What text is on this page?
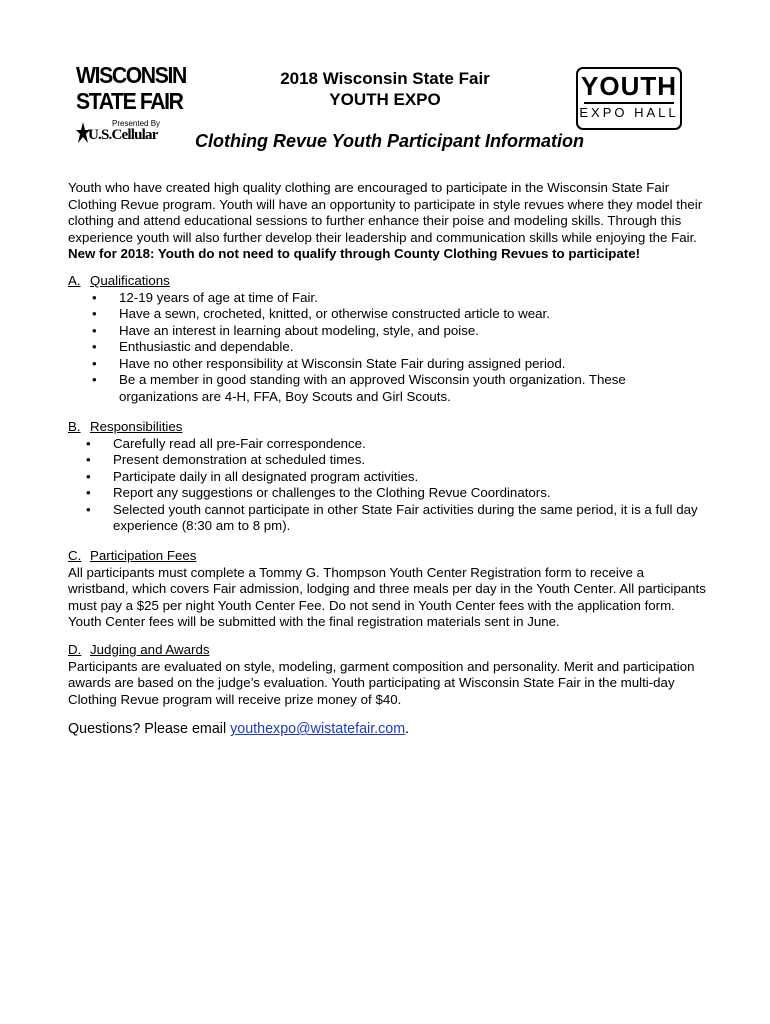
WISCONSIN
STATE FAIR
Presented By
U.S.Cellular
2018 Wisconsin State Fair
YOUTH EXPO
Clothing Revue Youth Participant Information
YOUTH
EXPO HALL
Youth who have created high quality clothing are encouraged to participate in the Wisconsin State Fair Clothing Revue program. Youth will have an opportunity to participate in style revues where they model their clothing and attend educational sessions to further enhance their poise and modeling skills. Through this experience youth will also further develop their leadership and communication skills while enjoying the Fair. New for 2018: Youth do not need to qualify through County Clothing Revues to participate!
A. Qualifications
• 12-19 years of age at time of Fair.
• Have a sewn, crocheted, knitted, or otherwise constructed article to wear.
• Have an interest in learning about modeling, style, and poise.
• Enthusiastic and dependable.
• Have no other responsibility at Wisconsin State Fair during assigned period.
• Be a member in good standing with an approved Wisconsin youth organization. These organizations are 4-H, FFA, Boy Scouts and Girl Scouts.
B. Responsibilities
• Carefully read all pre-Fair correspondence.
• Present demonstration at scheduled times.
• Participate daily in all designated program activities.
• Report any suggestions or challenges to the Clothing Revue Coordinators.
• Selected youth cannot participate in other State Fair activities during the same period, it is a full day experience (8:30 am to 8 pm).
C. Participation Fees
All participants must complete a Tommy G. Thompson Youth Center Registration form to receive a wristband, which covers Fair admission, lodging and three meals per day in the Youth Center. All participants must pay a $25 per night Youth Center Fee. Do not send in Youth Center fees with the application form. Youth Center fees will be submitted with the final registration materials sent in June.
D. Judging and Awards
Participants are evaluated on style, modeling, garment composition and personality. Merit and participation awards are based on the judge’s evaluation. Youth participating at Wisconsin State Fair in the multi-day Clothing Revue program will receive prize money of $40.
Questions? Please email youthexpo@wistatefair.com.
